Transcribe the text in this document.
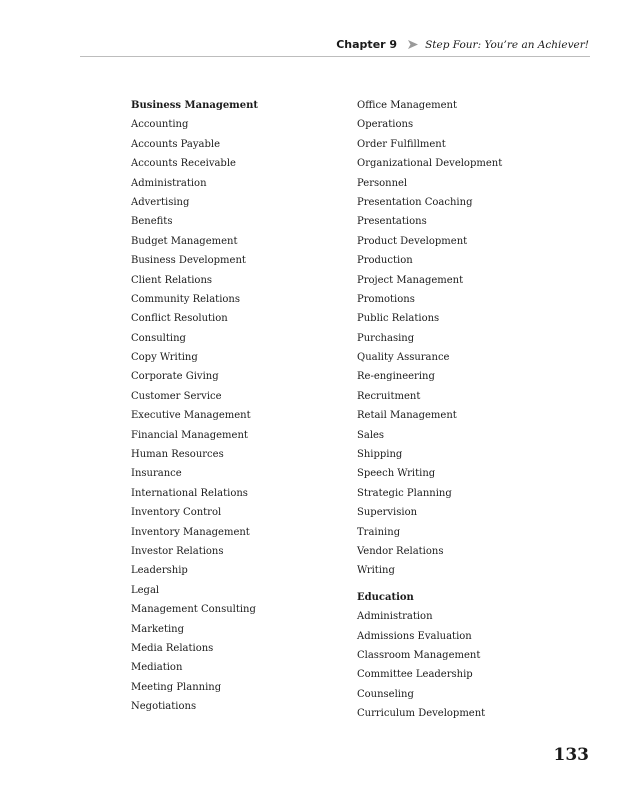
Chapter 9	Step Four: You’re an Achiever!
Business Management
Accounting
Accounts Payable
Accounts Receivable
Administration
Advertising
Benefits
Budget Management
Business Development
Client Relations
Community Relations
Conflict Resolution
Consulting
Copy Writing
Corporate Giving
Customer Service
Executive Management
Financial Management
Human Resources
Insurance
International Relations
Inventory Control
Inventory Management
Investor Relations
Leadership
Legal
Management Consulting
Marketing
Media Relations
Mediation
Meeting Planning
Negotiations
Office Management
Operations
Order Fulfillment
Organizational Development
Personnel
Presentation Coaching
Presentations
Product Development
Production
Project Management
Promotions
Public Relations
Purchasing
Quality Assurance
Re-engineering
Recruitment
Retail Management
Sales
Shipping
Speech Writing
Strategic Planning
Supervision
Training
Vendor Relations
Writing
Education
Administration
Admissions Evaluation
Classroom Management
Committee Leadership
Counseling
Curriculum Development
133
